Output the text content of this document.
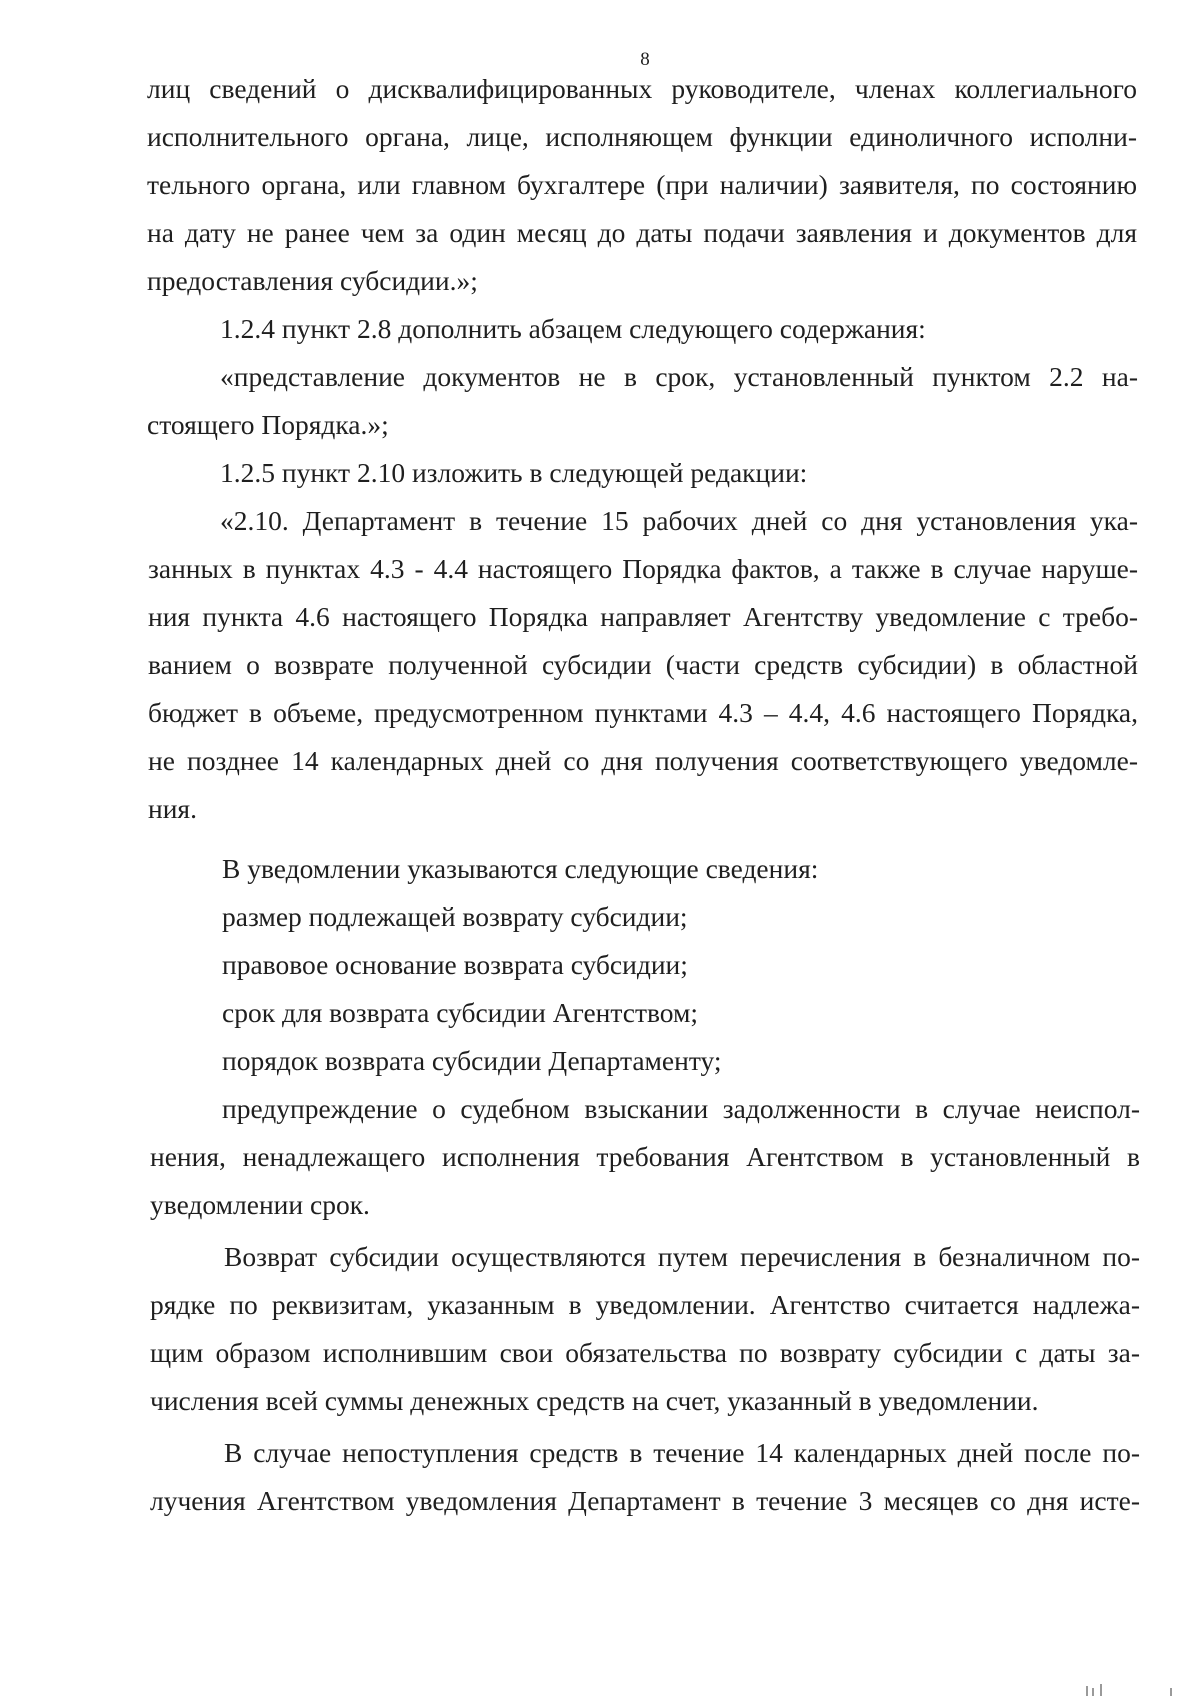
8
лиц сведений о дисквалифицированных руководителе, членах коллегиального
исполнительного органа, лице, исполняющем функции единоличного исполни-
тельного органа, или главном бухгалтере (при наличии) заявителя, по состоянию
на дату не ранее чем за один месяц до даты подачи заявления и документов для
предоставления субсидии.»;
1.2.4 пункт 2.8 дополнить абзацем следующего содержания:
«представление документов не в срок, установленный пунктом 2.2 на-
стоящего Порядка.»;
1.2.5 пункт 2.10 изложить в следующей редакции:
«2.10. Департамент в течение 15 рабочих дней со дня установления ука-
занных в пунктах 4.3 - 4.4 настоящего Порядка фактов, а также в случае наруше-
ния пункта 4.6 настоящего Порядка направляет Агентству уведомление с требо-
ванием о возврате полученной субсидии (части средств субсидии) в областной
бюджет в объеме, предусмотренном пунктами 4.3 – 4.4, 4.6 настоящего Порядка,
не позднее 14 календарных дней со дня получения соответствующего уведомле-
ния.
В уведомлении указываются следующие сведения:
размер подлежащей возврату субсидии;
правовое основание возврата субсидии;
срок для возврата субсидии Агентством;
порядок возврата субсидии Департаменту;
предупреждение о судебном взыскании задолженности в случае неиспол-
нения, ненадлежащего исполнения требования Агентством в установленный в
уведомлении срок.
Возврат субсидии осуществляются путем перечисления в безналичном по-
рядке по реквизитам, указанным в уведомлении. Агентство считается надлежа-
щим образом исполнившим свои обязательства по возврату субсидии с даты за-
числения всей суммы денежных средств на счет, указанный в уведомлении.
В случае непоступления средств в течение 14 календарных дней после по-
лучения Агентством уведомления Департамент в течение 3 месяцев со дня исте-
